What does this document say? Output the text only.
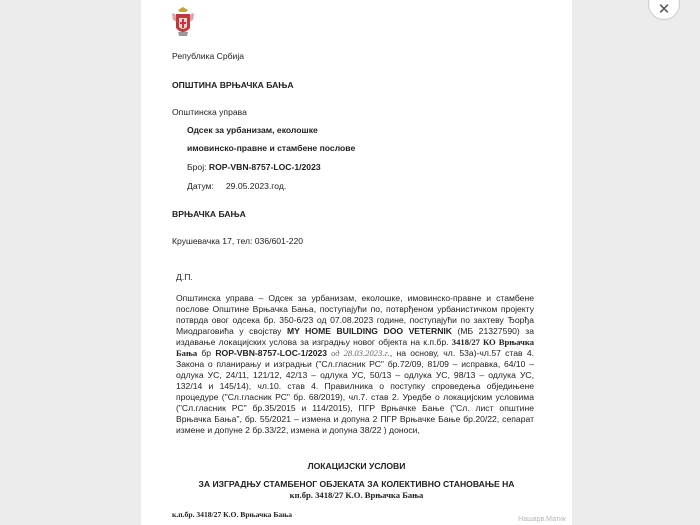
✕
Република Србија
ОПШТИНА ВРЊАЧКА БАЊА
Општинска управа
Одсек за урбанизам, еколошке
имовинско-правне и стамбене послове
Број: ROP-VBN-8757-LOC-1/2023
Датум: 29.05.2023.год.
ВРЊАЧКА БАЊА
Крушевачка 17, тел: 036/601-220
Д.П.
Општинска управа – Одсек за урбанизам, еколошке, имовинско-правне и стамбене послове Општине Врњачка Бања, поступајући по, потврђеном урбанистичком пројекту потврда овог одсека бр. 350-6/23 од 07.08.2023 године, поступајући по захтеву Ђорђа Миодраговића у својству MY HOME BUILDING DOO VETERNIK (МБ 21327590) за издавање локацијских услова за изградњу новог објекта на к.п.бр. 3418/27 КО Врњачка Бања бр ROP-VBN-8757-LOC-1/2023 од 28.03.2023.г., на основу, чл. 53а)-чл.57 став 4. Закона о планирању и изградњи ("Сл.гласник РС" бр.72/09, 81/09 – исправка, 64/10 – одлука УС, 24/11, 121/12, 42/13 – одлука УС, 50/13 – одлука УС, 98/13 – одлука УС, 132/14 и 145/14), чл.10. став 4. Правилника о поступку спроведења обједињене процедуре ("Сл.гласник РС" бр. 68/2019), чл.7. став 2. Уредбе о локацијским условима ("Сл.гласник РС" бр.35/2015 и 114/2015), ПГР Врњачке Бање ("Сл. лист општине Врњачка Бања", бр. 55/2021 – измена и допуна 2 ПГР Врњачке Бање бр.20/22, сепарат измене и допуне 2 бр.33/22, измена и допуна 38/22 ) доноси,
ЛОКАЦИЈСКИ УСЛОВИ
ЗА ИЗГРАДЊУ СТАМБЕНОГ ОБЈЕКАТА ЗА КОЛЕКТИВНО СТАНОВАЊЕ НА
кп.бр. 3418/27 К.О. Врњачка Бања
к.п.бр. 3418/27 К.О. Врњачка Бања
Нашарв.Матик
